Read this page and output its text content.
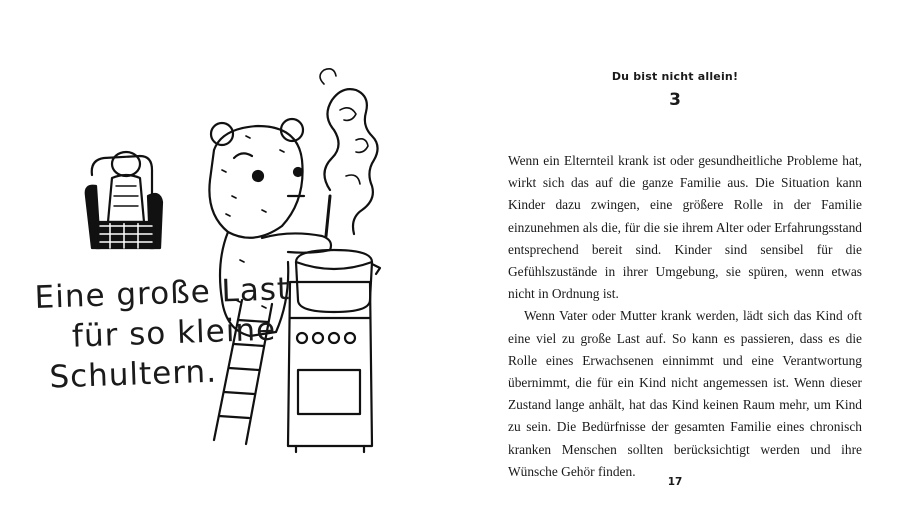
Eine große Last
für so kleine
Schultern.
Du bist nicht allein!
3

Wenn ein Elternteil krank ist oder gesundheitliche Probleme hat, wirkt sich das auf die ganze Familie aus. Die Situation kann Kinder dazu zwingen, eine größere Rolle in der Familie einzunehmen als die, für die sie ihrem Alter oder Erfahrungsstand entsprechend bereit sind. Kinder sind sensibel für die Gefühlszustände in ihrer Umgebung, sie spüren, wenn etwas nicht in Ordnung ist.

Wenn Vater oder Mutter krank werden, lädt sich das Kind oft eine viel zu große Last auf. So kann es passieren, dass es die Rolle eines Erwachsenen einnimmt und eine Verantwortung übernimmt, die für ein Kind nicht angemessen ist. Wenn dieser Zustand lange anhält, hat das Kind keinen Raum mehr, um Kind zu sein. Die Bedürfnisse der gesamten Familie eines chronisch kranken Menschen sollten berücksichtigt werden und ihre Wünsche Gehör finden.

17
